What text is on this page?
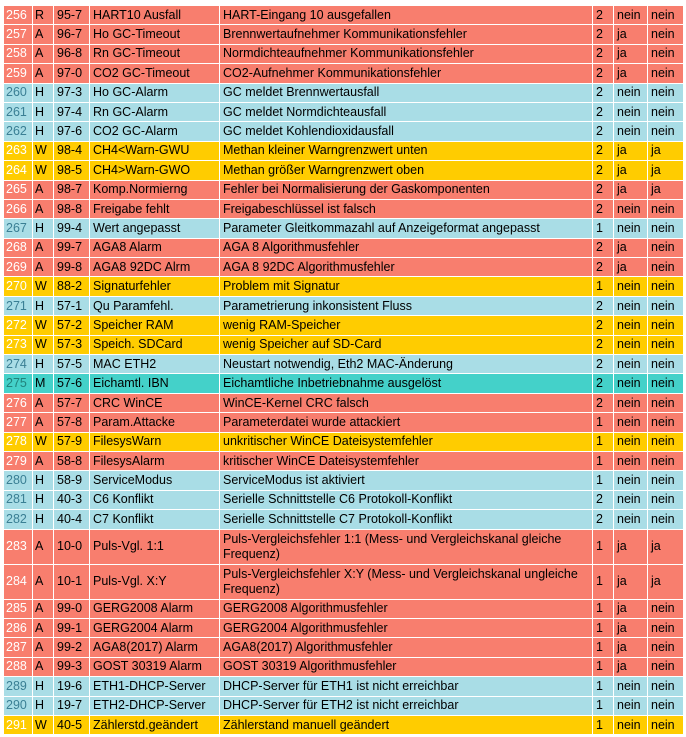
256	R	95-7	HART10 Ausfall	HART-Eingang 10 ausgefallen	2	nein	nein
257	A	96-7	Ho GC-Timeout	Brennwertaufnehmer Kommunikationsfehler	2	ja	nein
258	A	96-8	Rn GC-Timeout	Normdichteaufnehmer Kommunikationsfehler	2	ja	nein
259	A	97-0	CO2 GC-Timeout	CO2-Aufnehmer Kommunikationsfehler	2	ja	nein
260	H	97-3	Ho GC-Alarm	GC meldet Brennwertausfall	2	nein	nein
261	H	97-4	Rn GC-Alarm	GC meldet Normdichteausfall	2	nein	nein
262	H	97-6	CO2 GC-Alarm	GC meldet Kohlendioxidausfall	2	nein	nein
263	W	98-4	CH4<Warn-GWU	Methan kleiner Warngrenzwert unten	2	ja	ja
264	W	98-5	CH4>Warn-GWO	Methan größer Warngrenzwert oben	2	ja	ja
265	A	98-7	Komp.Normierng	Fehler bei Normalisierung der Gaskomponenten	2	ja	ja
266	A	98-8	Freigabe fehlt	Freigabeschlüssel ist falsch	2	nein	nein
267	H	99-4	Wert angepasst	Parameter Gleitkommazahl auf Anzeigeformat angepasst	1	nein	nein
268	A	99-7	AGA8 Alarm	AGA 8 Algorithmusfehler	2	ja	nein
269	A	99-8	AGA8 92DC Alrm	AGA 8 92DC Algorithmusfehler	2	ja	nein
270	W	88-2	Signaturfehler	Problem mit Signatur	1	nein	nein
271	H	57-1	Qu Paramfehl.	Parametrierung inkonsistent Fluss	2	nein	nein
272	W	57-2	Speicher RAM	wenig RAM-Speicher	2	nein	nein
273	W	57-3	Speich. SDCard	wenig Speicher auf SD-Card	2	nein	nein
274	H	57-5	MAC ETH2	Neustart notwendig, Eth2 MAC-Änderung	2	nein	nein
275	M	57-6	Eichamtl. IBN	Eichamtliche Inbetriebnahme ausgelöst	2	nein	nein
276	A	57-7	CRC WinCE	WinCE-Kernel CRC falsch	2	nein	nein
277	A	57-8	Param.Attacke	Parameterdatei wurde attackiert	1	nein	nein
278	W	57-9	FilesysWarn	unkritischer WinCE Dateisystemfehler	1	nein	nein
279	A	58-8	FilesysAlarm	kritischer WinCE Dateisystemfehler	1	nein	nein
280	H	58-9	ServiceModus	ServiceModus ist aktiviert	1	nein	nein
281	H	40-3	C6 Konflikt	Serielle Schnittstelle C6 Protokoll-Konflikt	2	nein	nein
282	H	40-4	C7 Konflikt	Serielle Schnittstelle C7 Protokoll-Konflikt	2	nein	nein
283	A	10-0	Puls-Vgl. 1:1	Puls-Vergleichsfehler 1:1 (Mess- und Vergleichskanal gleiche Frequenz)	1	ja	ja
284	A	10-1	Puls-Vgl. X:Y	Puls-Vergleichsfehler X:Y (Mess- und Vergleichskanal ungleiche Frequenz)	1	ja	ja
285	A	99-0	GERG2008 Alarm	GERG2008 Algorithmusfehler	1	ja	nein
286	A	99-1	GERG2004 Alarm	GERG2004 Algorithmusfehler	1	ja	nein
287	A	99-2	AGA8(2017) Alarm	AGA8(2017) Algorithmusfehler	1	ja	nein
288	A	99-3	GOST 30319 Alarm	GOST 30319 Algorithmusfehler	1	ja	nein
289	H	19-6	ETH1-DHCP-Server	DHCP-Server für ETH1 ist nicht erreichbar	1	nein	nein
290	H	19-7	ETH2-DHCP-Server	DHCP-Server für ETH2 ist nicht erreichbar	1	nein	nein
291	W	40-5	Zählerstd.geändert	Zählerstand manuell geändert	1	nein	nein
